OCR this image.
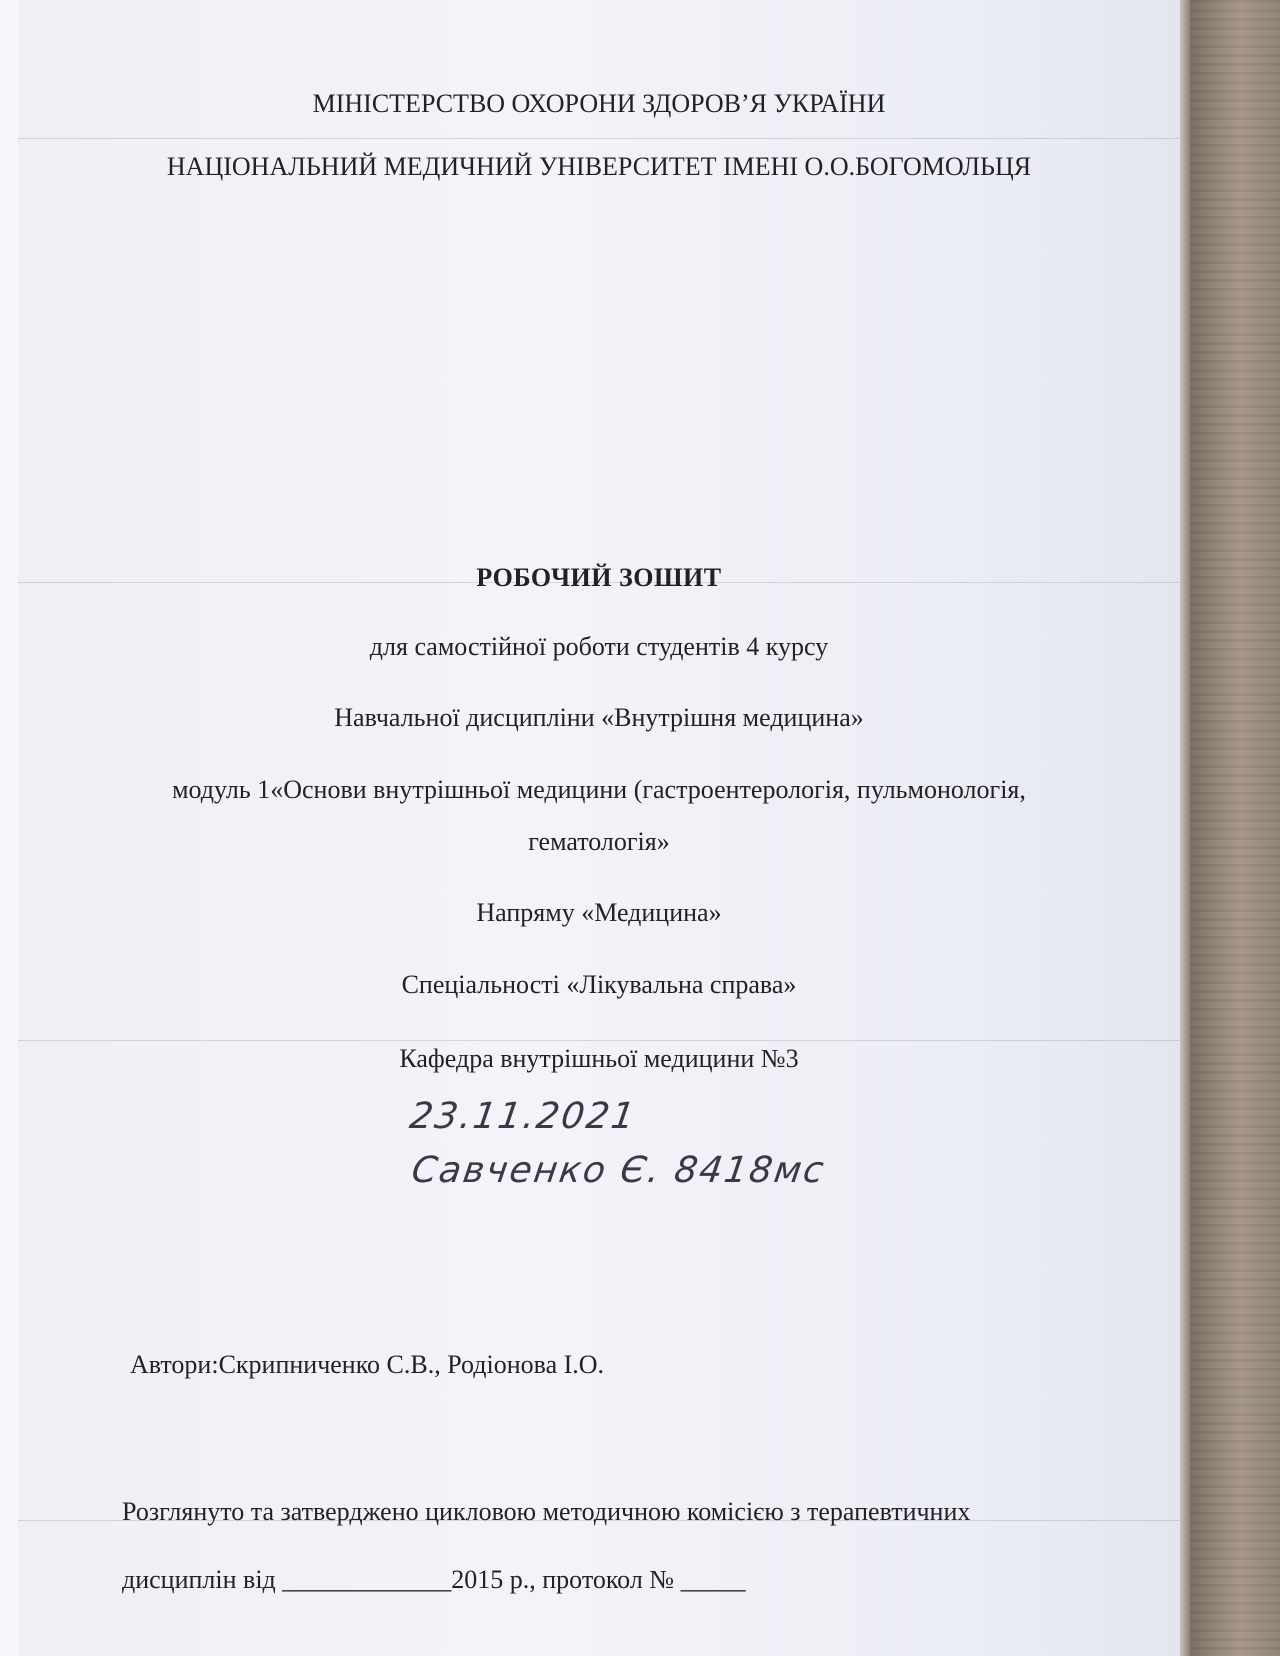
МІНІСТЕРСТВО ОХОРОНИ ЗДОРОВ’Я УКРАЇНИ
НАЦІОНАЛЬНИЙ МЕДИЧНИЙ УНІВЕРСИТЕТ ІМЕНІ О.О.БОГОМОЛЬЦЯ
РОБОЧИЙ ЗОШИТ
для самостійної роботи студентів 4 курсу
Навчальної дисципліни «Внутрішня медицина»
модуль 1«Основи внутрішньої медицини (гастроентерологія, пульмонологія,
гематологія»
Напряму «Медицина»
Спеціальності «Лікувальна справа»
Кафедра внутрішньої медицини №3
23.11.2021
Савченко Є. 8418мс
Автори:Скрипниченко С.В., Родіонова І.О.
Розглянуто та затверджено цикловою методичною комісією з терапевтичних
дисциплін від _____________2015 р., протокол № _____
